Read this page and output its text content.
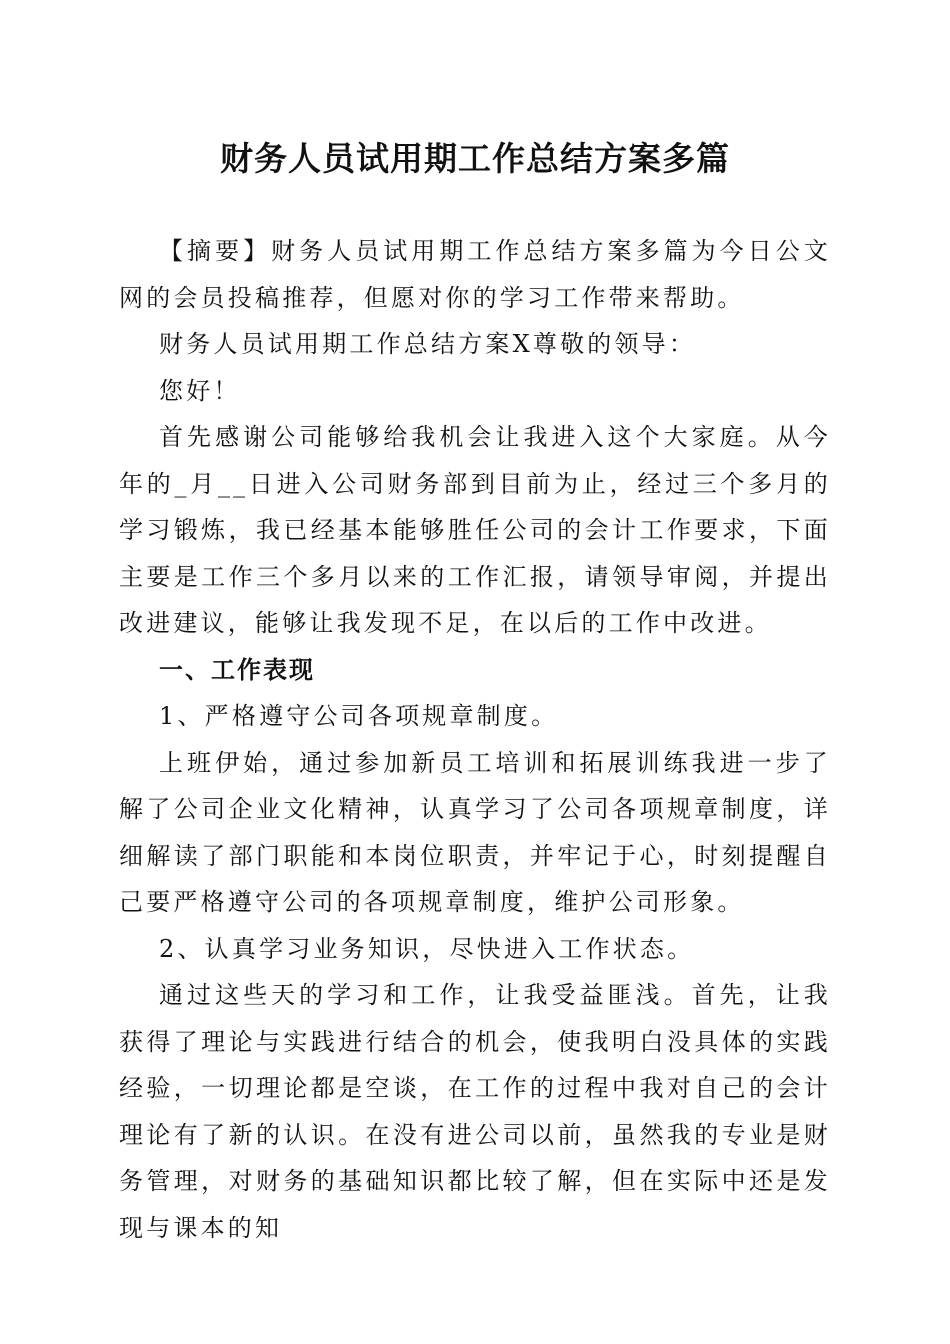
财务人员试用期工作总结方案多篇

【摘要】财务人员试用期工作总结方案多篇为今日公文网的会员投稿推荐，但愿对你的学习工作带来帮助。

财务人员试用期工作总结方案X尊敬的领导：

您好！

首先感谢公司能够给我机会让我进入这个大家庭。从今年的_月__日进入公司财务部到目前为止，经过三个多月的学习锻炼，我已经基本能够胜任公司的会计工作要求，下面主要是工作三个多月以来的工作汇报，请领导审阅，并提出改进建议，能够让我发现不足，在以后的工作中改进。

一、工作表现

1、严格遵守公司各项规章制度。

上班伊始，通过参加新员工培训和拓展训练我进一步了解了公司企业文化精神，认真学习了公司各项规章制度，详细解读了部门职能和本岗位职责，并牢记于心，时刻提醒自己要严格遵守公司的各项规章制度，维护公司形象。

2、认真学习业务知识，尽快进入工作状态。

通过这些天的学习和工作，让我受益匪浅。首先，让我获得了理论与实践进行结合的机会，使我明白没具体的实践经验，一切理论都是空谈，在工作的过程中我对自己的会计理论有了新的认识。在没有进公司以前，虽然我的专业是财务管理，对财务的基础知识都比较了解，但在实际中还是发现与课本的知
